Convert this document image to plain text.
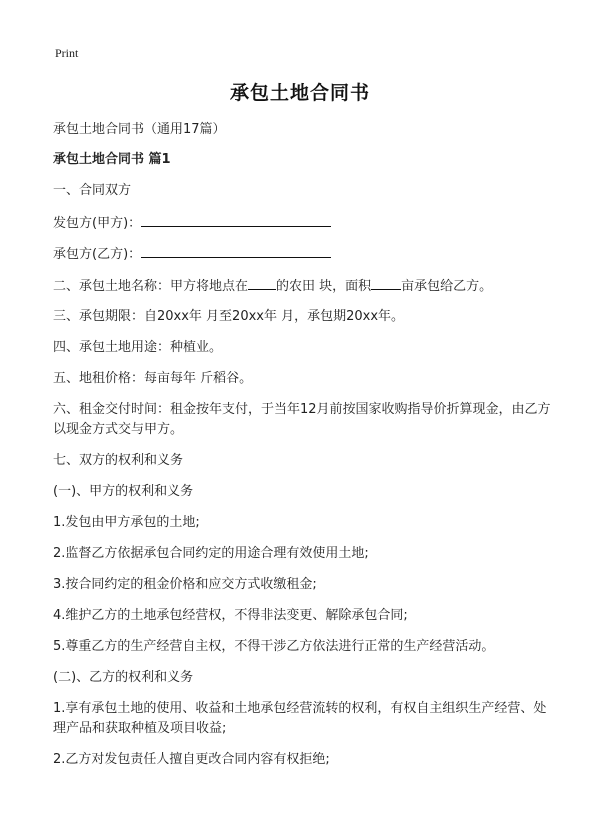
Print
承包土地合同书
承包土地合同书（通用17篇）
承包土地合同书 篇1
一、合同双方
发包方(甲方)：
承包方(乙方)：
二、承包土地名称：甲方将地点在 的农田 块，面积 亩承包给乙方。
三、承包期限：自20xx年 月至20xx年 月，承包期20xx年。
四、承包土地用途：种植业。
五、地租价格：每亩每年 斤稻谷。
六、租金交付时间：租金按年支付，于当年12月前按国家收购指导价折算现金，由乙方以现金方式交与甲方。
七、双方的权利和义务
(一)、甲方的权利和义务
1.发包由甲方承包的土地;
2.监督乙方依据承包合同约定的用途合理有效使用土地;
3.按合同约定的租金价格和应交方式收缴租金;
4.维护乙方的土地承包经营权，不得非法变更、解除承包合同;
5.尊重乙方的生产经营自主权，不得干涉乙方依法进行正常的生产经营活动。
(二)、乙方的权利和义务
1.享有承包土地的使用、收益和土地承包经营流转的权利，有权自主组织生产经营、处理产品和获取种植及项目收益;
2.乙方对发包责任人擅自更改合同内容有权拒绝;
